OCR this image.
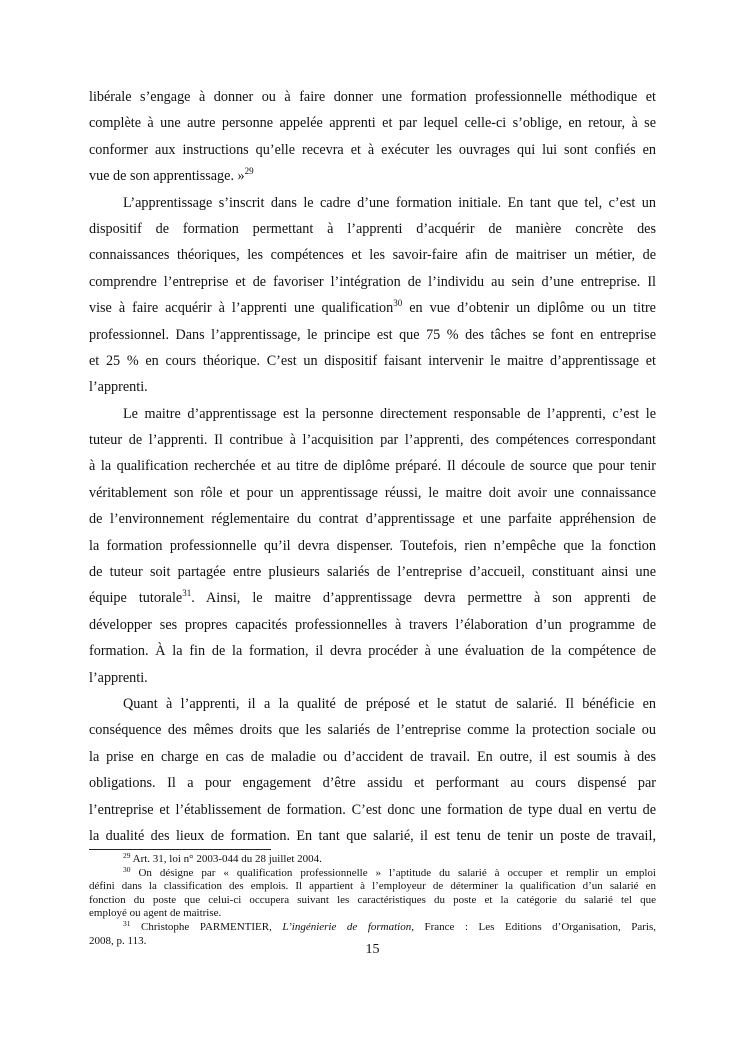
libérale s’engage à donner ou à faire donner une formation professionnelle méthodique et
complète à une autre personne appelée apprenti et par lequel celle-ci s’oblige, en retour, à se
conformer aux instructions qu’elle recevra et à exécuter les ouvrages qui lui sont confiés en
vue de son apprentissage. »$^{29}$
L’apprentissage s’inscrit dans le cadre d’une formation initiale. En tant que tel, c’est un
dispositif de formation permettant à l’apprenti d’acquérir de manière concrète des
connaissances théoriques, les compétences et les savoir-faire afin de maitriser un métier, de
comprendre l’entreprise et de favoriser l’intégration de l’individu au sein d’une entreprise. Il
vise à faire acquérir à l’apprenti une qualification$^{30}$ en vue d’obtenir un diplôme ou un titre
professionnel. Dans l’apprentissage, le principe est que 75 % des tâches se font en entreprise
et 25 % en cours théorique. C’est un dispositif faisant intervenir le maitre d’apprentissage et
l’apprenti.
Le maitre d’apprentissage est la personne directement responsable de l’apprenti, c’est le
tuteur de l’apprenti. Il contribue à l’acquisition par l’apprenti, des compétences correspondant
à la qualification recherchée et au titre de diplôme préparé. Il découle de source que pour tenir
véritablement son rôle et pour un apprentissage réussi, le maitre doit avoir une connaissance
de l’environnement réglementaire du contrat d’apprentissage et une parfaite appréhension de
la formation professionnelle qu’il devra dispenser. Toutefois, rien n’empêche que la fonction
de tuteur soit partagée entre plusieurs salariés de l’entreprise d’accueil, constituant ainsi une
équipe tutorale$^{31}$. Ainsi, le maitre d’apprentissage devra permettre à son apprenti de
développer ses propres capacités professionnelles à travers l’élaboration d’un programme de
formation. À la fin de la formation, il devra procéder à une évaluation de la compétence de
l’apprenti.
Quant à l’apprenti, il a la qualité de préposé et le statut de salarié. Il bénéficie en
conséquence des mêmes droits que les salariés de l’entreprise comme la protection sociale ou
la prise en charge en cas de maladie ou d’accident de travail. En outre, il est soumis à des
obligations. Il a pour engagement d’être assidu et performant au cours dispensé par
l’entreprise et l’établissement de formation. C’est donc une formation de type dual en vertu de
la dualité des lieux de formation. En tant que salarié, il est tenu de tenir un poste de travail,
$^{29}$ Art. 31, loi n° 2003-044 du 28 juillet 2004.
$^{30}$ On désigne par « qualification professionnelle » l’aptitude du salarié à occuper et remplir un emploi
défini dans la classification des emplois. Il appartient à l’employeur de déterminer la qualification d’un salarié en
fonction du poste que celui-ci occupera suivant les caractéristiques du poste et la catégorie du salarié tel que
employé ou agent de maitrise.
$^{31}$ Christophe PARMENTIER, L’ingénierie de formation, France : Les Editions d’Organisation, Paris,
2008, p. 113.
15
